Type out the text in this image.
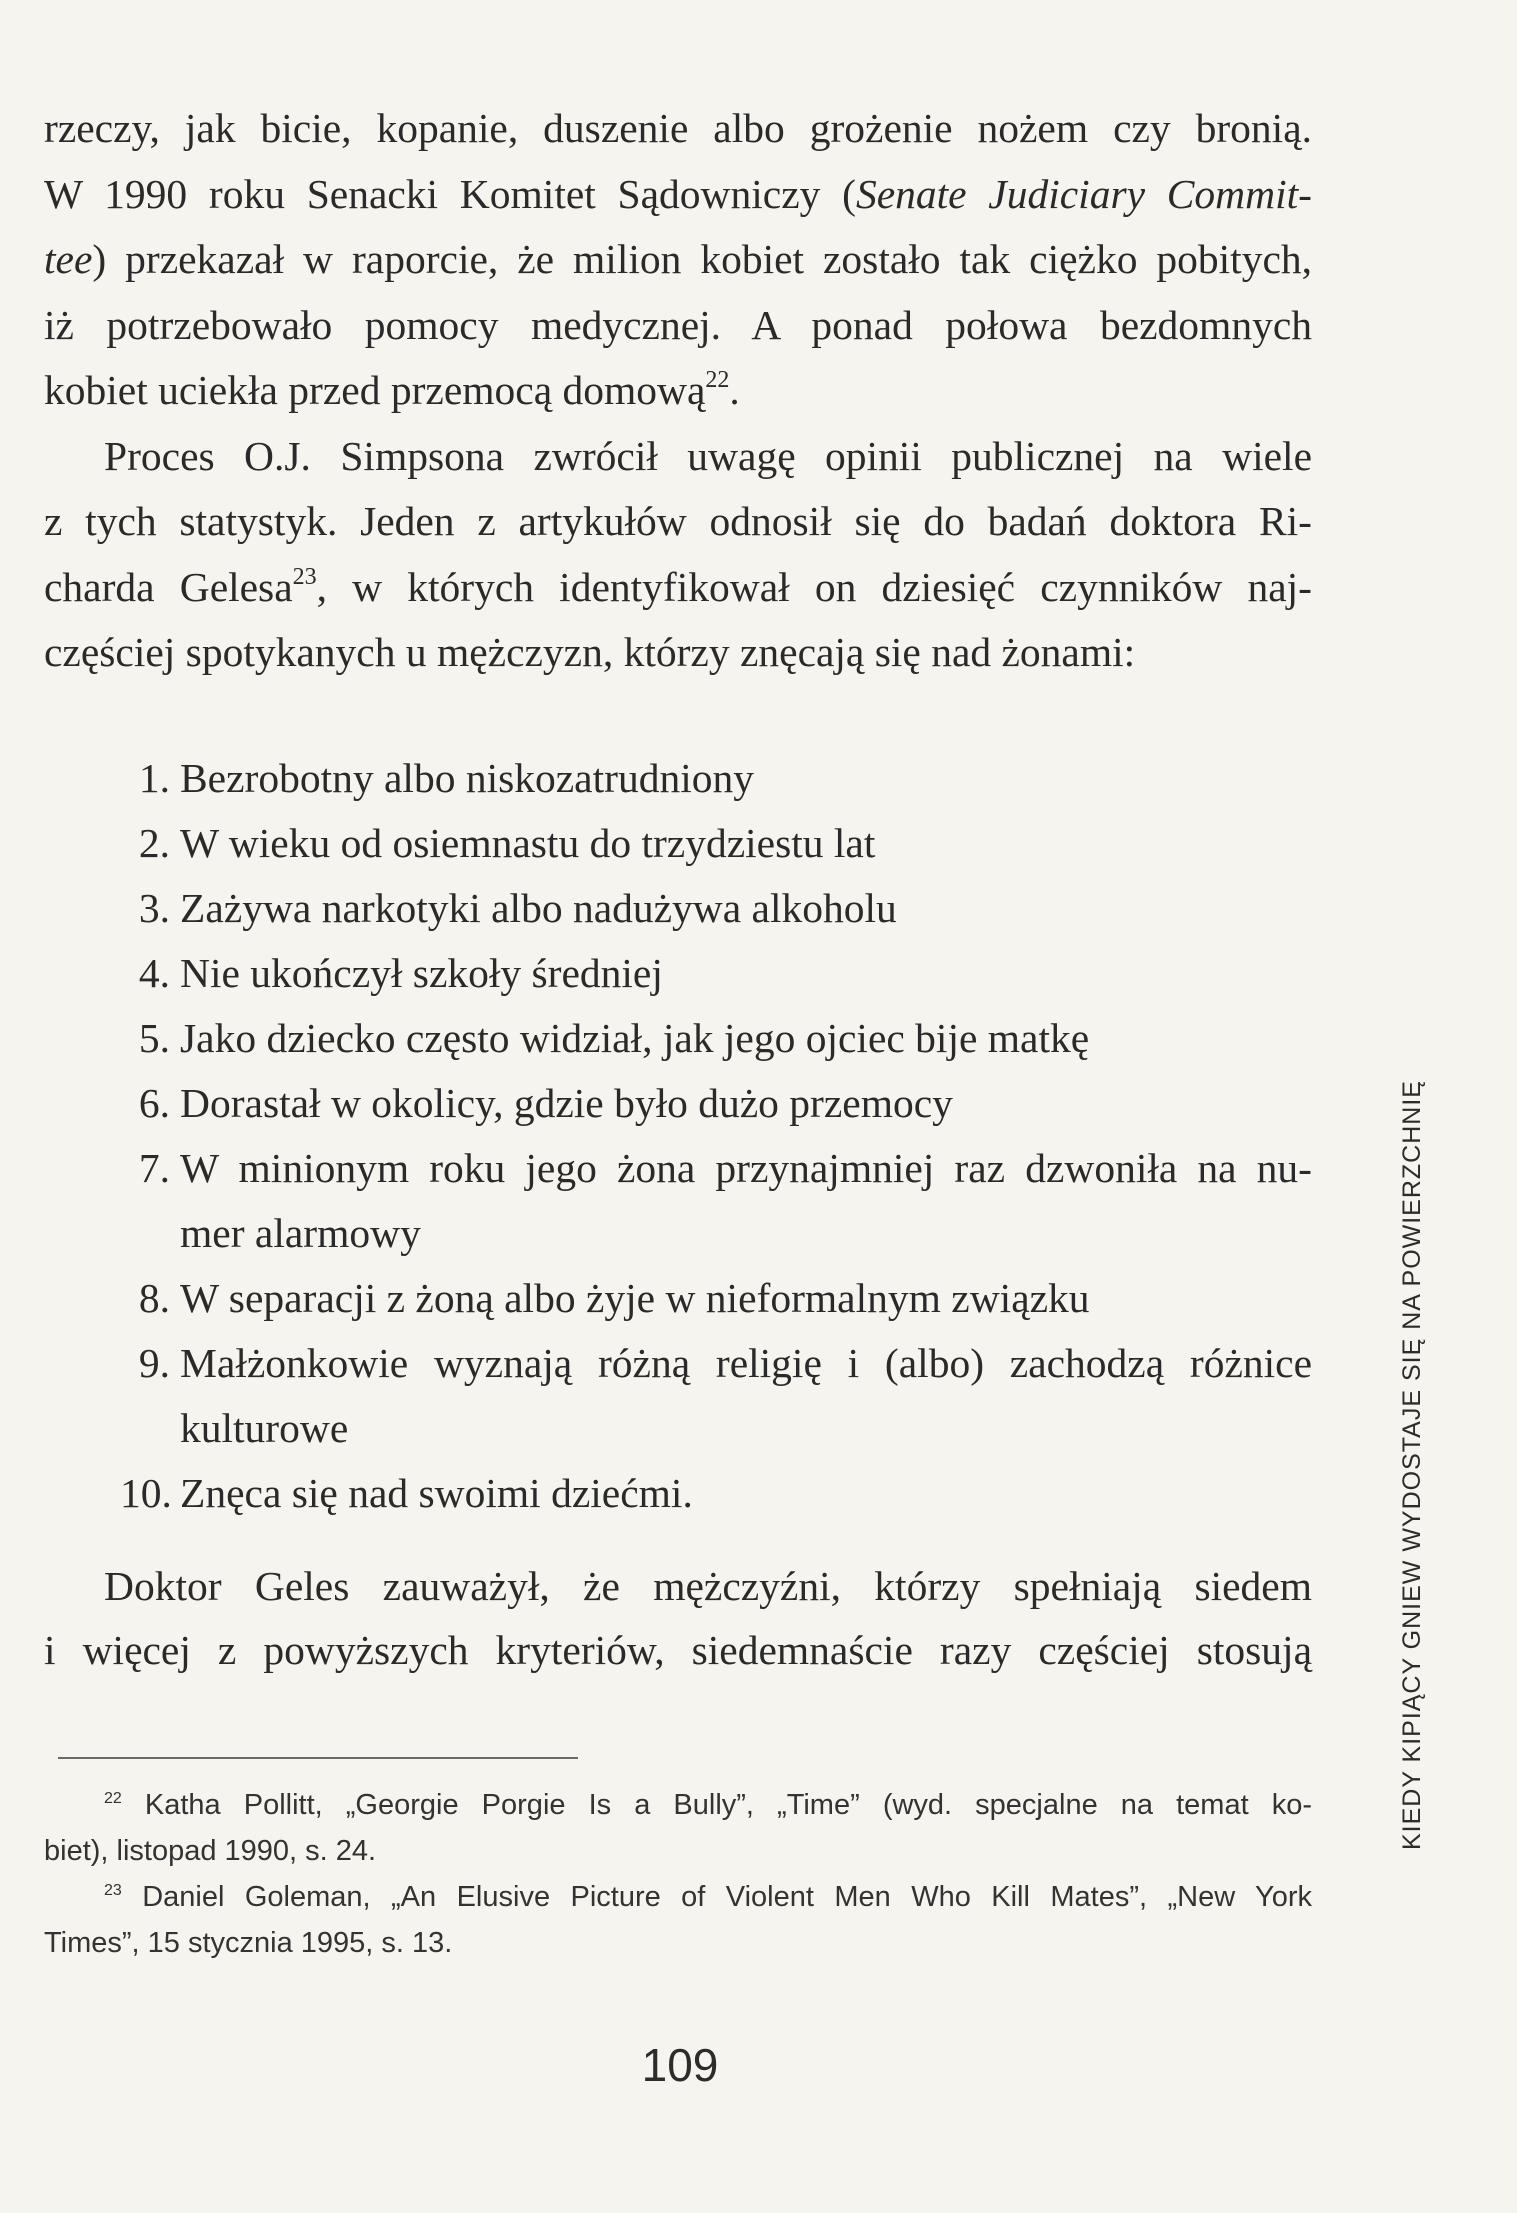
rzeczy, jak bicie, kopanie, duszenie albo grożenie nożem czy bronią.
W 1990 roku Senacki Komitet Sądowniczy (Senate Judiciary Commit-
tee) przekazał w raporcie, że milion kobiet zostało tak ciężko pobitych,
iż potrzebowało pomocy medycznej. A ponad połowa bezdomnych
kobiet uciekła przed przemocą domową$^{22}$.

Proces O.J. Simpsona zwrócił uwagę opinii publicznej na wiele
z tych statystyk. Jeden z artykułów odnosił się do badań doktora Ri-
charda Gelesa$^{23}$, w których identyfikował on dziesięć czynników naj-
częściej spotykanych u mężczyzn, którzy znęcają się nad żonami:

1. Bezrobotny albo niskozatrudniony
2. W wieku od osiemnastu do trzydziestu lat
3. Zażywa narkotyki albo nadużywa alkoholu
4. Nie ukończył szkoły średniej
5. Jako dziecko często widział, jak jego ojciec bije matkę
6. Dorastał w okolicy, gdzie było dużo przemocy
7. W minionym roku jego żona przynajmniej raz dzwoniła na nu-
mer alarmowy
8. W separacji z żoną albo żyje w nieformalnym związku
9. Małżonkowie wyznają różną religię i (albo) zachodzą różnice
kulturowe
10. Znęca się nad swoimi dziećmi.
Doktor Geles zauważył, że mężczyźni, którzy spełniają siedem
i więcej z powyższych kryteriów, siedemnaście razy częściej stosują
$^{22}$ Katha Pollitt, „Georgie Porgie Is a Bully”, „Time” (wyd. specjalne na temat ko-
biet), listopad 1990, s. 24.
$^{23}$ Daniel Goleman, „An Elusive Picture of Violent Men Who Kill Mates”, „New York
Times”, 15 stycznia 1995, s. 13.
109
KIEDY KIPIĄCY GNIEW WYDOSTAJE SIĘ NA POWIERZCHNIĘ
